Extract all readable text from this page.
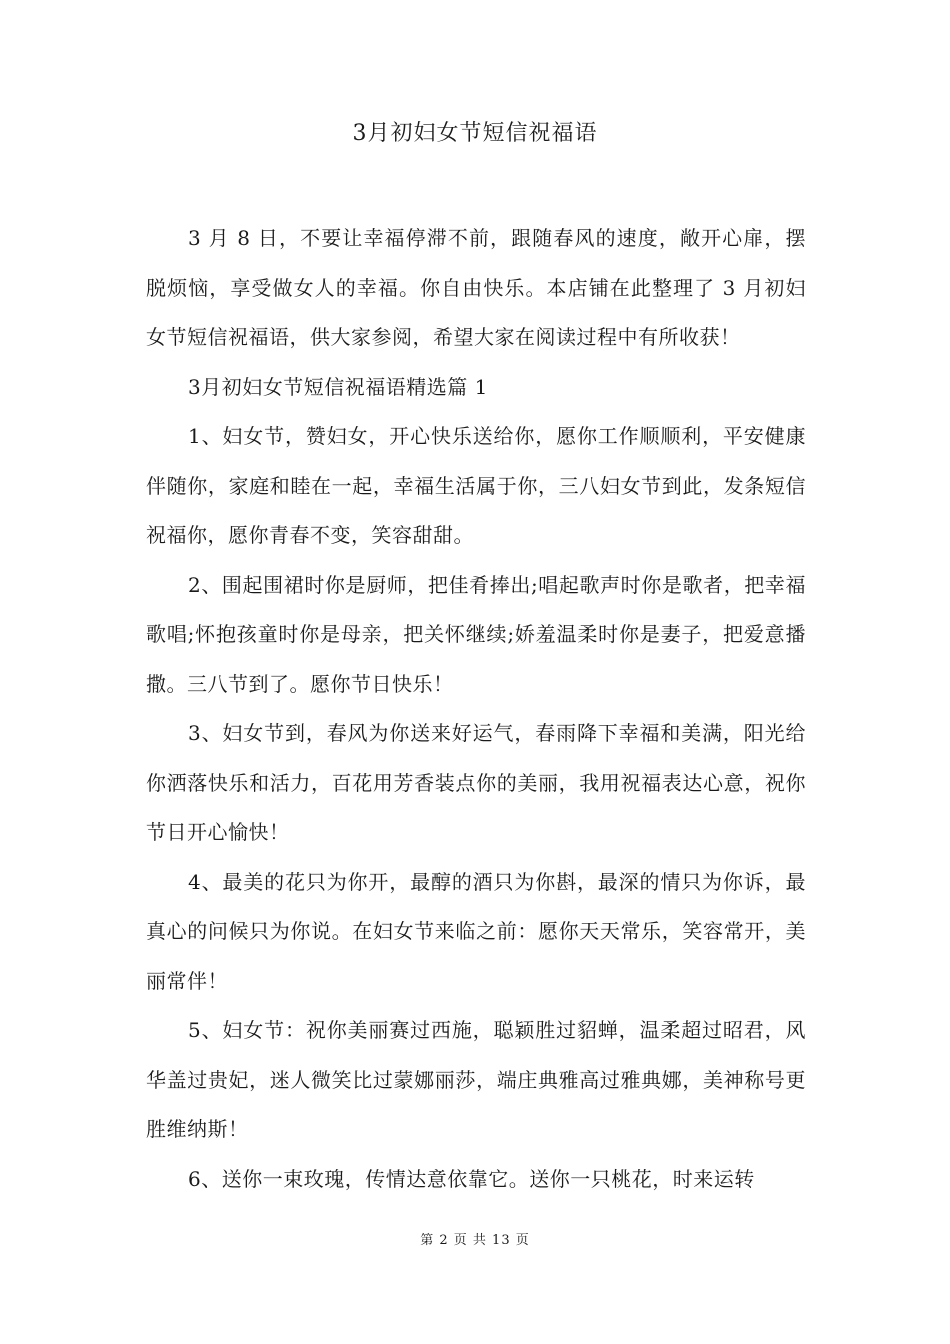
3月初妇女节短信祝福语

3 月 8 日，不要让幸福停滞不前，跟随春风的速度，敞开心扉，摆脱烦恼，享受做女人的幸福。你自由快乐。本店铺在此整理了 3 月初妇女节短信祝福语，供大家参阅，希望大家在阅读过程中有所收获！

3月初妇女节短信祝福语精选篇 1

1、妇女节，赞妇女，开心快乐送给你，愿你工作顺顺利，平安健康伴随你，家庭和睦在一起，幸福生活属于你，三八妇女节到此，发条短信祝福你，愿你青春不变，笑容甜甜。

2、围起围裙时你是厨师，把佳肴捧出;唱起歌声时你是歌者，把幸福歌唱;怀抱孩童时你是母亲，把关怀继续;娇羞温柔时你是妻子，把爱意播撒。三八节到了。愿你节日快乐！

3、妇女节到，春风为你送来好运气，春雨降下幸福和美满，阳光给你洒落快乐和活力，百花用芳香装点你的美丽，我用祝福表达心意，祝你节日开心愉快！

4、最美的花只为你开，最醇的酒只为你斟，最深的情只为你诉，最真心的问候只为你说。在妇女节来临之前：愿你天天常乐，笑容常开，美丽常伴！

5、妇女节：祝你美丽赛过西施，聪颖胜过貂蝉，温柔超过昭君，风华盖过贵妃，迷人微笑比过蒙娜丽莎，端庄典雅高过雅典娜，美神称号更胜维纳斯！

6、送你一束玫瑰，传情达意依靠它。送你一只桃花，时来运转

第 2 页 共 13 页
